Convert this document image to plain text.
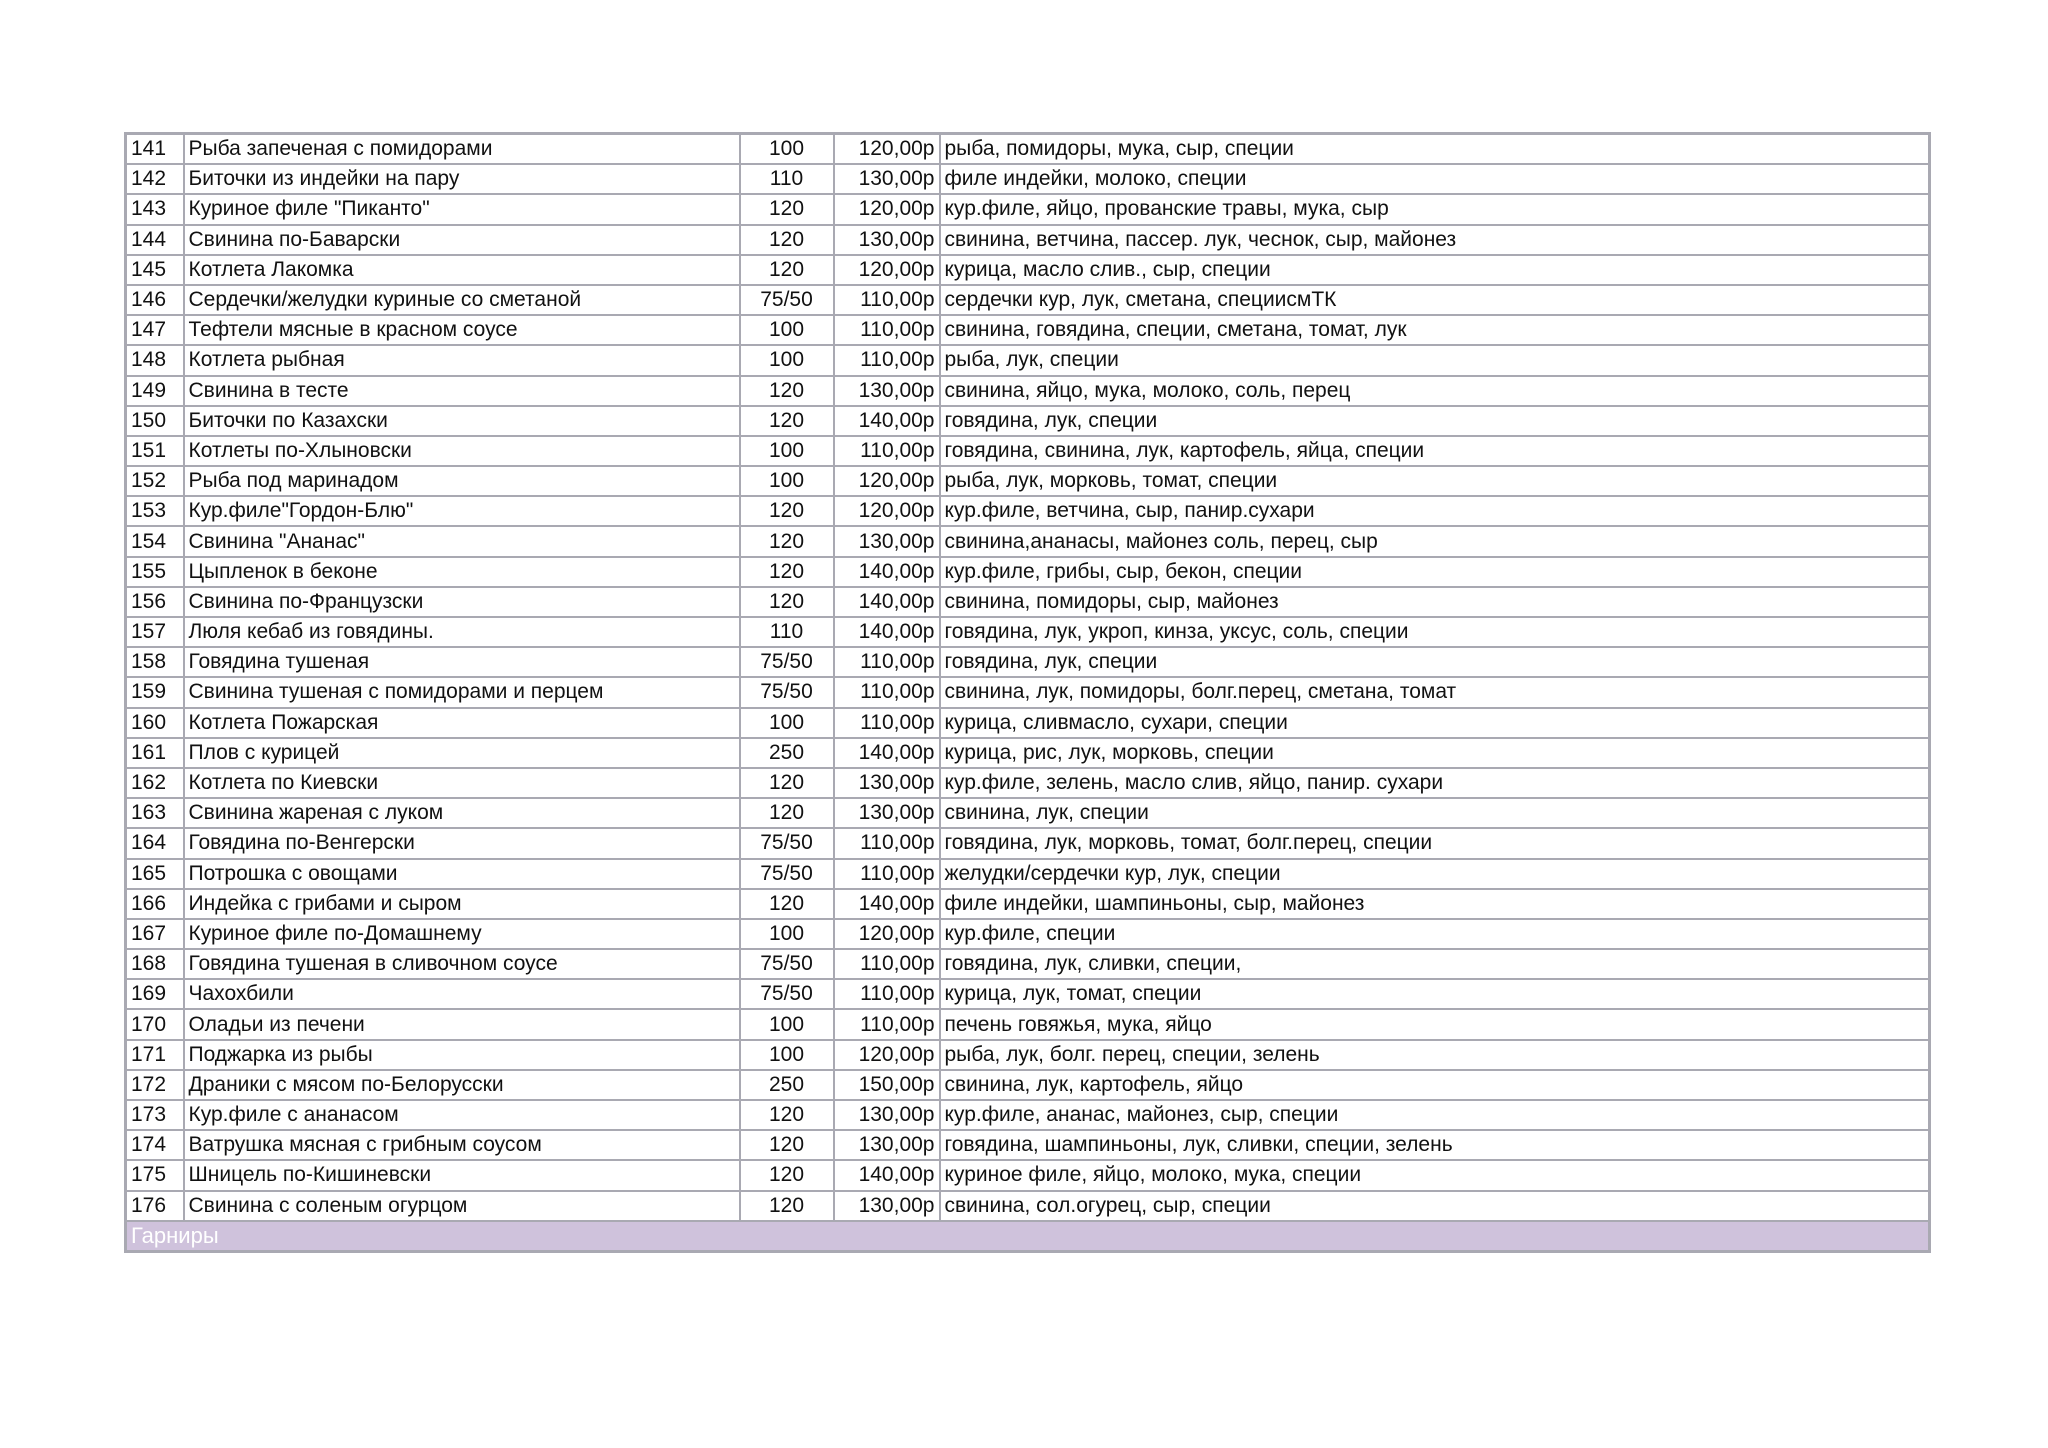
141	Рыба запеченая с помидорами	100	120,00р	рыба, помидоры, мука, сыр, специи
142	Биточки из индейки на пару	110	130,00р	филе индейки, молоко, специи
143	Куриное филе "Пиканто"	120	120,00р	кур.филе, яйцо, прованские травы, мука, сыр
144	Свинина по-Баварски	120	130,00р	свинина, ветчина, пассер. лук, чеснок, сыр, майонез
145	Котлета Лакомка	120	120,00р	курица, масло слив., сыр, специи
146	Сердечки/желудки куриные со сметаной	75/50	110,00р	сердечки кур, лук, сметана, специисмТК
147	Тефтели мясные в красном соусе	100	110,00р	свинина, говядина, специи, сметана, томат, лук
148	Котлета рыбная	100	110,00р	рыба, лук, специи
149	Свинина в тесте	120	130,00р	свинина, яйцо, мука, молоко, соль, перец
150	Биточки по Казахски	120	140,00р	говядина, лук, специи
151	Котлеты по-Хлыновски	100	110,00р	говядина, свинина, лук, картофель, яйца, специи
152	Рыба под маринадом	100	120,00р	рыба, лук, морковь, томат, специи
153	Кур.филе"Гордон-Блю"	120	120,00р	кур.филе, ветчина, сыр, панир.сухари
154	Свинина "Ананас"	120	130,00р	свинина,ананасы, майонез соль, перец, сыр
155	Цыпленок в беконе	120	140,00р	кур.филе, грибы, сыр, бекон, специи
156	Свинина по-Французски	120	140,00р	свинина, помидоры, сыр, майонез
157	Люля кебаб из говядины.	110	140,00р	говядина, лук, укроп, кинза, уксус, соль, специи
158	Говядина тушеная	75/50	110,00р	говядина, лук, специи
159	Свинина тушеная с помидорами и перцем	75/50	110,00р	свинина, лук, помидоры, болг.перец, сметана, томат
160	Котлета Пожарская	100	110,00р	курица, сливмасло, сухари, специи
161	Плов с курицей	250	140,00р	курица, рис, лук, морковь, специи
162	Котлета по Киевски	120	130,00р	кур.филе, зелень, масло слив, яйцо, панир. сухари
163	Свинина жареная с луком	120	130,00р	свинина, лук, специи
164	Говядина по-Венгерски	75/50	110,00р	говядина, лук, морковь, томат, болг.перец, специи
165	Потрошка с овощами	75/50	110,00р	желудки/сердечки кур, лук, специи
166	Индейка с грибами и сыром	120	140,00р	филе индейки, шампиньоны, сыр, майонез
167	Куриное филе по-Домашнему	100	120,00р	кур.филе, специи
168	Говядина тушеная в сливочном соусе	75/50	110,00р	говядина, лук, сливки, специи,
169	Чахохбили	75/50	110,00р	курица, лук, томат, специи
170	Оладьи из печени	100	110,00р	печень говяжья, мука, яйцо
171	Поджарка из рыбы	100	120,00р	рыба, лук, болг. перец, специи, зелень
172	Драники с мясом по-Белорусски	250	150,00р	свинина, лук, картофель, яйцо
173	Кур.филе с ананасом	120	130,00р	кур.филе, ананас, майонез, сыр, специи
174	Ватрушка мясная с грибным соусом	120	130,00р	говядина, шампиньоны, лук, сливки, специи, зелень
175	Шницель по-Кишиневски	120	140,00р	куриное филе, яйцо, молоко, мука, специи
176	Свинина с соленым огурцом	120	130,00р	свинина, сол.огурец, сыр, специи
Гарниры				
